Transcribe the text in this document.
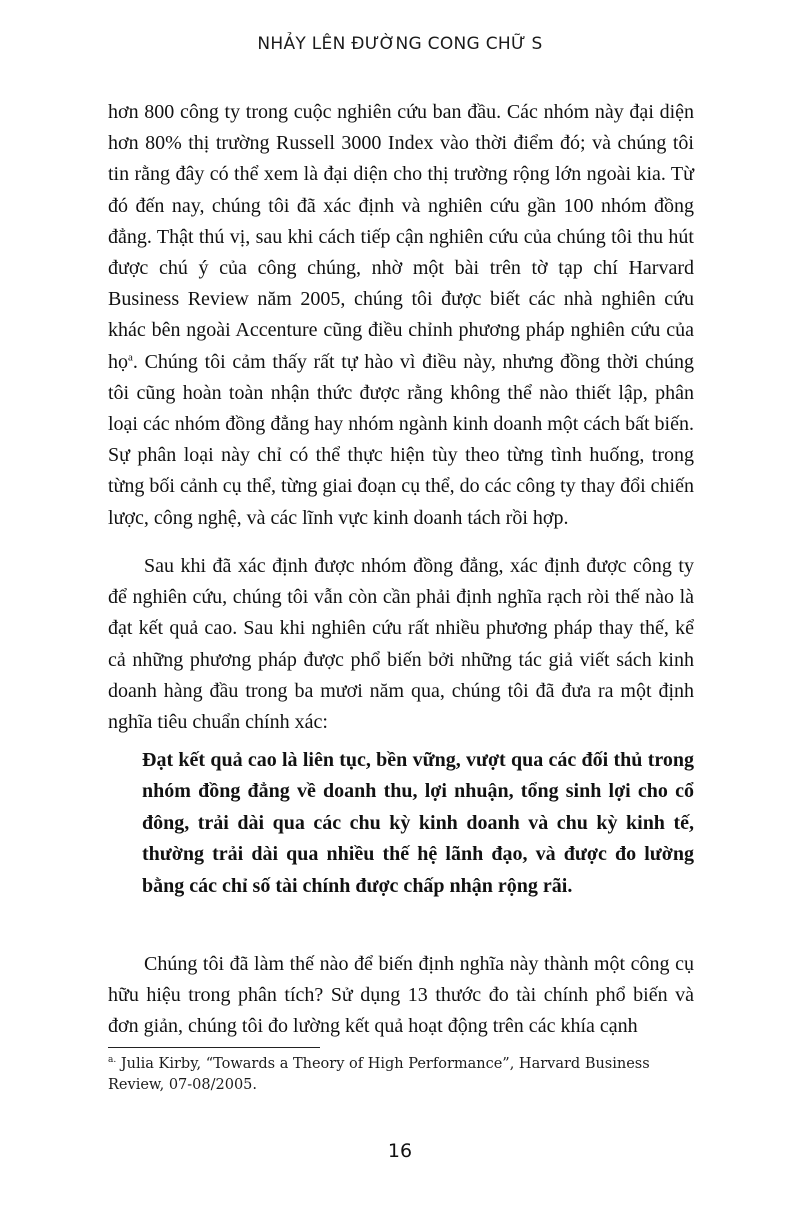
NHẢY LÊN ĐƯỜNG CONG CHỮ S

hơn 800 công ty trong cuộc nghiên cứu ban đầu. Các nhóm này đại diện hơn 80% thị trường Russell 3000 Index vào thời điểm đó; và chúng tôi tin rằng đây có thể xem là đại diện cho thị trường rộng lớn ngoài kia. Từ đó đến nay, chúng tôi đã xác định và nghiên cứu gần 100 nhóm đồng đẳng. Thật thú vị, sau khi cách tiếp cận nghiên cứu của chúng tôi thu hút được chú ý của công chúng, nhờ một bài trên tờ tạp chí Harvard Business Review năm 2005, chúng tôi được biết các nhà nghiên cứu khác bên ngoài Accenture cũng điều chỉnh phương pháp nghiên cứu của họ$^a$. Chúng tôi cảm thấy rất tự hào vì điều này, nhưng đồng thời chúng tôi cũng hoàn toàn nhận thức được rằng không thể nào thiết lập, phân loại các nhóm đồng đẳng hay nhóm ngành kinh doanh một cách bất biến. Sự phân loại này chỉ có thể thực hiện tùy theo từng tình huống, trong từng bối cảnh cụ thể, từng giai đoạn cụ thể, do các công ty thay đổi chiến lược, công nghệ, và các lĩnh vực kinh doanh tách rồi hợp.

Sau khi đã xác định được nhóm đồng đẳng, xác định được công ty để nghiên cứu, chúng tôi vẫn còn cần phải định nghĩa rạch ròi thế nào là đạt kết quả cao. Sau khi nghiên cứu rất nhiều phương pháp thay thế, kể cả những phương pháp được phổ biến bởi những tác giả viết sách kinh doanh hàng đầu trong ba mươi năm qua, chúng tôi đã đưa ra một định nghĩa tiêu chuẩn chính xác:

Đạt kết quả cao là liên tục, bền vững, vượt qua các đối thủ trong nhóm đồng đẳng về doanh thu, lợi nhuận, tổng sinh lợi cho cổ đông, trải dài qua các chu kỳ kinh doanh và chu kỳ kinh tế, thường trải dài qua nhiều thế hệ lãnh đạo, và được đo lường bằng các chỉ số tài chính được chấp nhận rộng rãi.

Chúng tôi đã làm thế nào để biến định nghĩa này thành một công cụ hữu hiệu trong phân tích? Sử dụng 13 thước đo tài chính phổ biến và đơn giản, chúng tôi đo lường kết quả hoạt động trên các khía cạnh

$^{a.}$ Julia Kirby, “Towards a Theory of High Performance”, Harvard Business Review, 07-08/2005.

16
